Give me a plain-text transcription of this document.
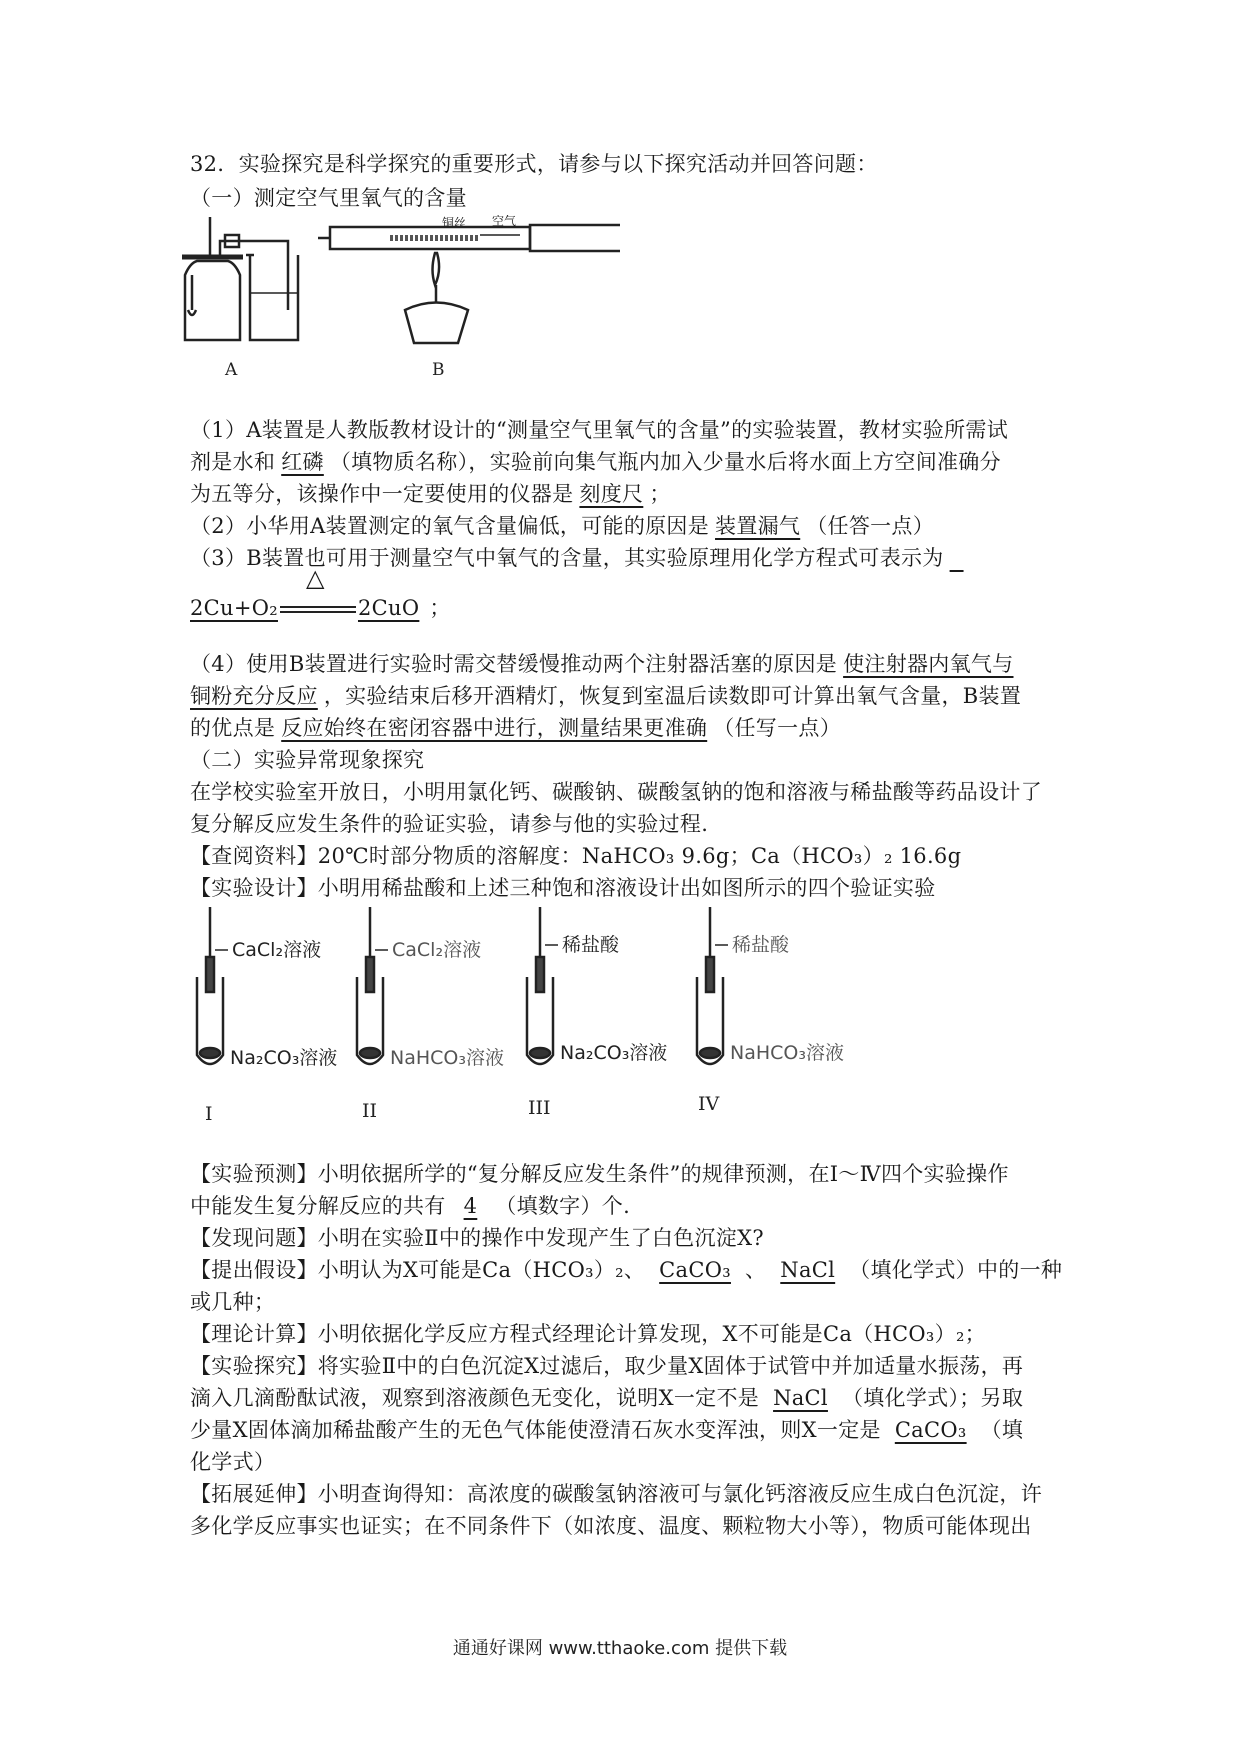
32．实验探究是科学探究的重要形式，请参与以下探究活动并回答问题：
（一）测定空气里氧气的含量
铜丝 空气
A	B
（1）A装置是人教版教材设计的“测量空气里氧气的含量”的实验装置，教材实验所需试
剂是水和 红磷 （填物质名称），实验前向集气瓶内加入少量水后将水面上方空间准确分
为五等分，该操作中一定要使用的仪器是 刻度尺 ；
（2）小华用A装置测定的氧气含量偏低，可能的原因是 装置漏气 （任答一点）
（3）B装置也可用于测量空气中氧气的含量，其实验原理用化学方程式可表示为
2Cu+O₂
△
2CuO ；
（4）使用B装置进行实验时需交替缓慢推动两个注射器活塞的原因是 使注射器内氧气与
铜粉充分反应 ，实验结束后移开酒精灯，恢复到室温后读数即可计算出氧气含量，B装置
的优点是 反应始终在密闭容器中进行，测量结果更准确 （任写一点）
（二）实验异常现象探究
在学校实验室开放日，小明用氯化钙、碳酸钠、碳酸氢钠的饱和溶液与稀盐酸等药品设计了
复分解反应发生条件的验证实验，请参与他的实验过程.
【查阅资料】20℃时部分物质的溶解度：NaHCO₃ 9.6g；Ca（HCO₃）₂ 16.6g
【实验设计】小明用稀盐酸和上述三种饱和溶液设计出如图所示的四个验证实验
CaCl₂溶液	CaCl₂溶液	稀盐酸	稀盐酸
Na₂CO₃溶液	NaHCO₃溶液	Na₂CO₃溶液	NaHCO₃溶液
I	II	III	IV
【实验预测】小明依据所学的“复分解反应发生条件”的规律预测，在Ⅰ～Ⅳ四个实验操作
中能发生复分解反应的共有 4 （填数字）个.
【发现问题】小明在实验Ⅱ中的操作中发现产生了白色沉淀X?
【提出假设】小明认为X可能是Ca（HCO₃）₂、 CaCO₃ 、 NaCl （填化学式）中的一种
或几种；
【理论计算】小明依据化学反应方程式经理论计算发现，X不可能是Ca（HCO₃）₂；
【实验探究】将实验Ⅱ中的白色沉淀X过滤后，取少量X固体于试管中并加适量水振荡，再
滴入几滴酚酞试液，观察到溶液颜色无变化，说明X一定不是 NaCl （填化学式）；另取
少量X固体滴加稀盐酸产生的无色气体能使澄清石灰水变浑浊，则X一定是 CaCO₃ （填
化学式）
【拓展延伸】小明查询得知：高浓度的碳酸氢钠溶液可与氯化钙溶液反应生成白色沉淀，许
多化学反应事实也证实；在不同条件下（如浓度、温度、颗粒物大小等），物质可能体现出
通通好课网 www.tthaoke.com 提供下载
